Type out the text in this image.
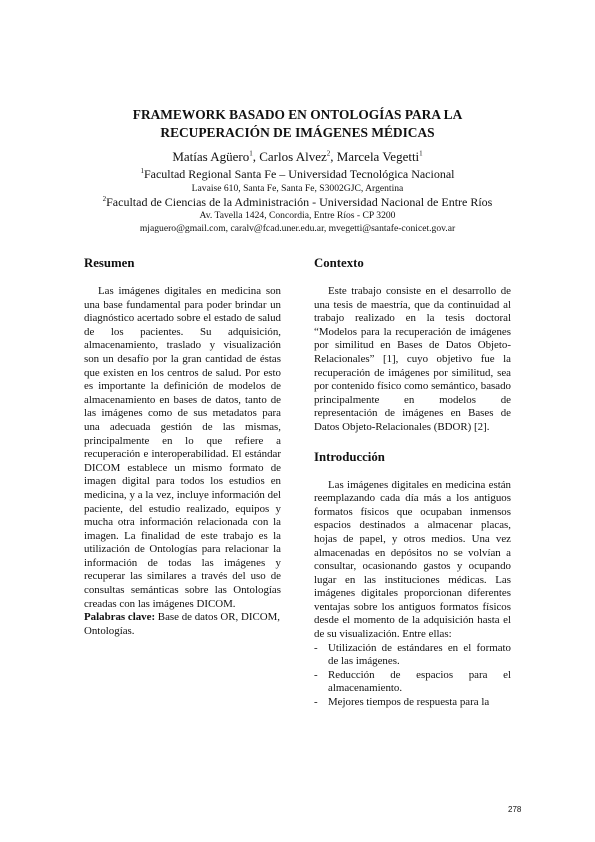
FRAMEWORK BASADO EN ONTOLOGÍAS PARA LA
RECUPERACIÓN DE IMÁGENES MÉDICAS
Matías Agüero$^1$, Carlos Alvez$^2$, Marcela Vegetti$^1$
$^1$Facultad Regional Santa Fe – Universidad Tecnológica Nacional
Lavaise 610, Santa Fe, Santa Fe, S3002GJC, Argentina
$^2$Facultad de Ciencias de la Administración - Universidad Nacional de Entre Ríos
Av. Tavella 1424, Concordia, Entre Ríos - CP 3200
mjaguero@gmail.com, caralv@fcad.uner.edu.ar, mvegetti@santafe-conicet.gov.ar
Resumen

Las imágenes digitales en medicina son una base fundamental para poder brindar un diagnóstico acertado sobre el estado de salud de los pacientes. Su adquisición, almacenamiento, traslado y visualización son un desafío por la gran cantidad de éstas que existen en los centros de salud. Por esto es importante la definición de modelos de almacenamiento en bases de datos, tanto de las imágenes como de sus metadatos para una adecuada gestión de las mismas, principalmente en lo que refiere a recuperación e interoperabilidad. El estándar DICOM establece un mismo formato de imagen digital para todos los estudios en medicina, y a la vez, incluye información del paciente, del estudio realizado, equipos y mucha otra información relacionada con la imagen. La finalidad de este trabajo es la utilización de Ontologías para relacionar la información de todas las imágenes y recuperar las similares a través del uso de consultas semánticas sobre las Ontologías creadas con las imágenes DICOM.

Palabras clave: Base de datos OR, DICOM, Ontologías.

Contexto

Este trabajo consiste en el desarrollo de una tesis de maestría, que da continuidad al trabajo realizado en la tesis doctoral “Modelos para la recuperación de imágenes por similitud en Bases de Datos Objeto-Relacionales” [1], cuyo objetivo fue la recuperación de imágenes por similitud, sea por contenido físico como semántico, basado principalmente en modelos de representación de imágenes en Bases de Datos Objeto-Relacionales (BDOR) [2].

Introducción

Las imágenes digitales en medicina están reemplazando cada día más a los antiguos formatos físicos que ocupaban inmensos espacios destinados a almacenar placas, hojas de papel, y otros medios. Una vez almacenadas en depósitos no se volvían a consultar, ocasionando gastos y ocupando lugar en las instituciones médicas. Las imágenes digitales proporcionan diferentes ventajas sobre los antiguos formatos físicos desde el momento de la adquisición hasta el de su visualización. Entre ellas:

- Utilización de estándares en el formato de las imágenes.
- Reducción de espacios para el almacenamiento.
- Mejores tiempos de respuesta para la
278
